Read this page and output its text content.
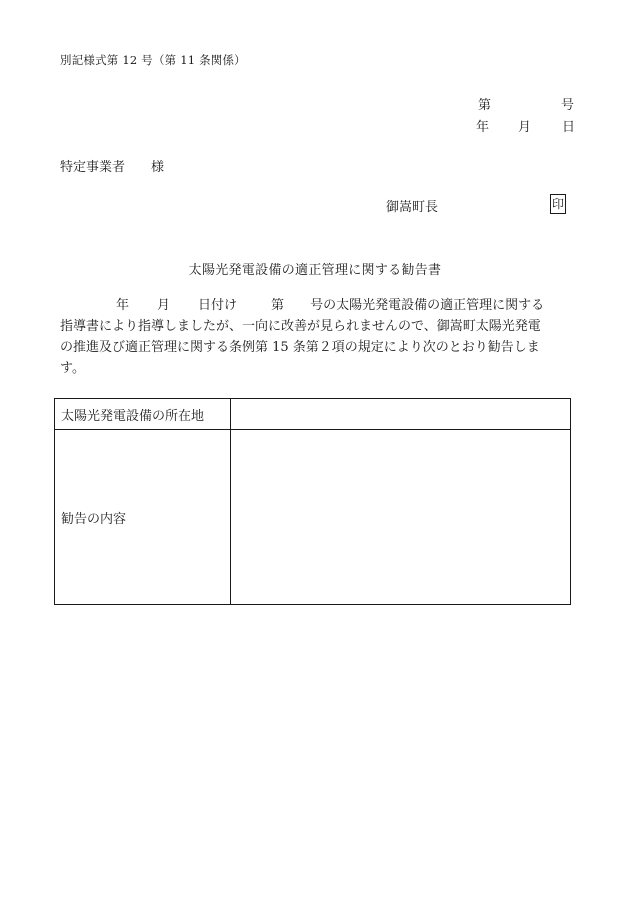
別記様式第 12 号（第 11 条関係）
第	号
年 月 日
特定事業者 様
御嵩町長	印
太陽光発電設備の適正管理に関する勧告書
年 月 日付け	第 号の太陽光発電設備の適正管理に関する
指導書により指導しましたが、一向に改善が見られませんので、御嵩町太陽光発電
の推進及び適正管理に関する条例第 15 条第２項の規定により次のとおり勧告しま
す。
太陽光発電設備の所在地	
勧告の内容	
